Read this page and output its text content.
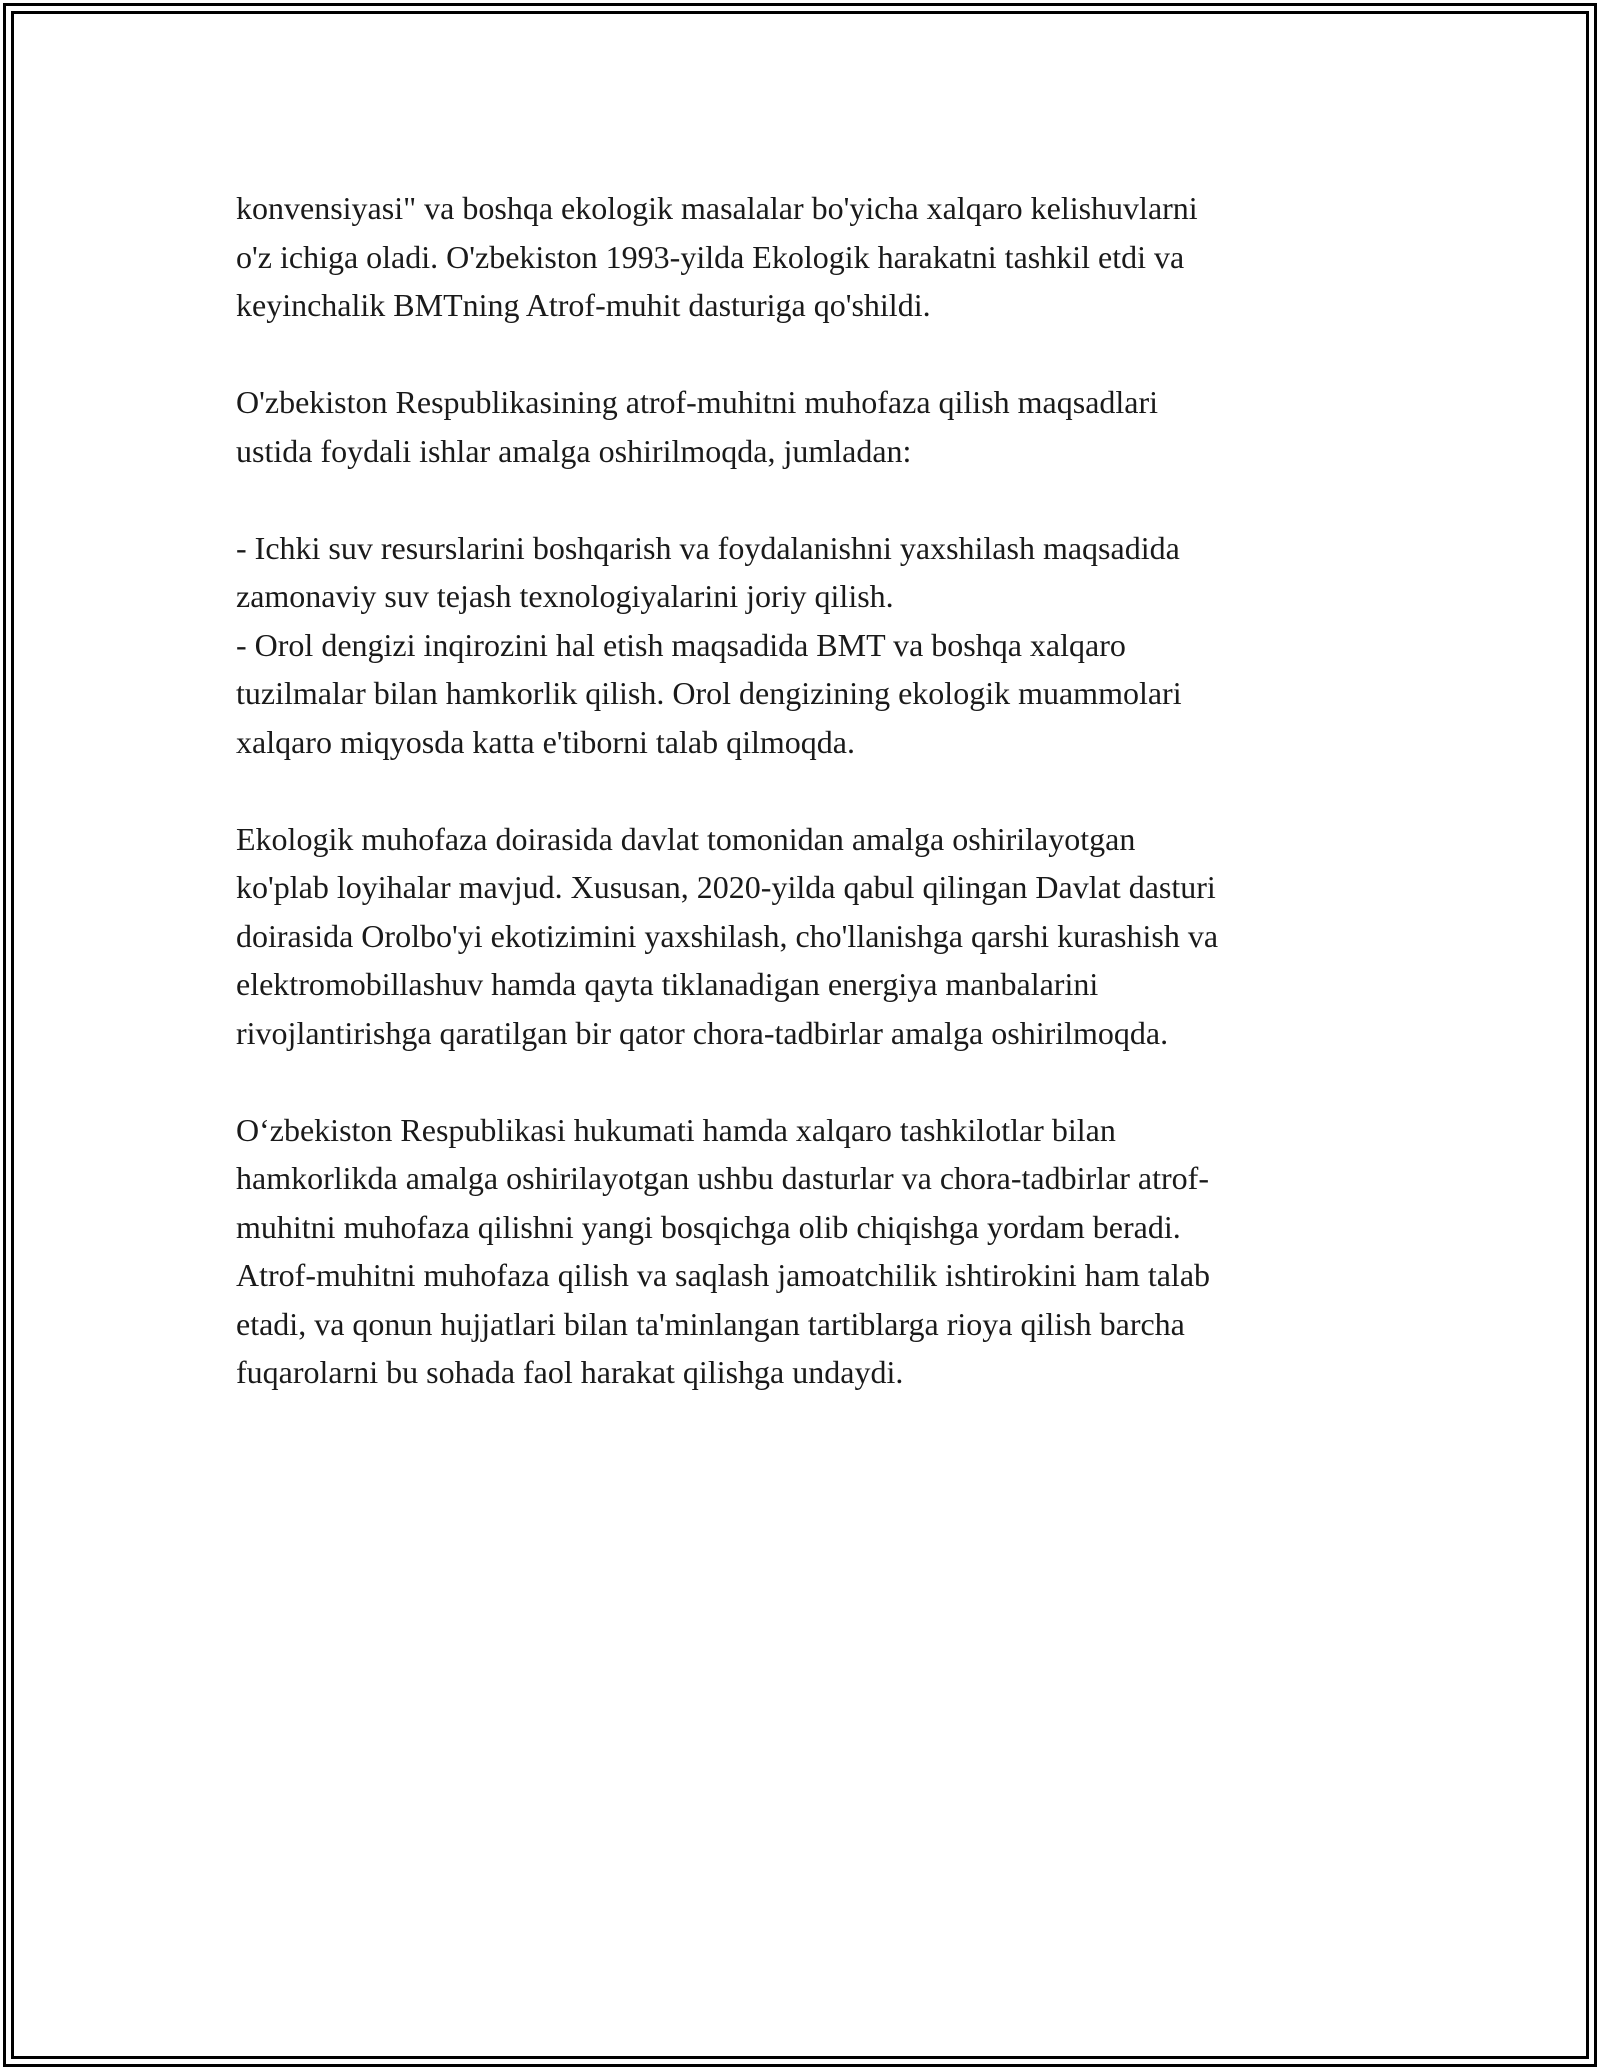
konvensiyasi" va boshqa ekologik masalalar bo'yicha xalqaro kelishuvlarni
o'z ichiga oladi. O'zbekiston 1993-yilda Ekologik harakatni tashkil etdi va
keyinchalik BMTning Atrof-muhit dasturiga qo'shildi.

O'zbekiston Respublikasining atrof-muhitni muhofaza qilish maqsadlari
ustida foydali ishlar amalga oshirilmoqda, jumladan:

- Ichki suv resurslarini boshqarish va foydalanishni yaxshilash maqsadida
zamonaviy suv tejash texnologiyalarini joriy qilish.
- Orol dengizi inqirozini hal etish maqsadida BMT va boshqa xalqaro
tuzilmalar bilan hamkorlik qilish. Orol dengizining ekologik muammolari
xalqaro miqyosda katta e'tiborni talab qilmoqda.

Ekologik muhofaza doirasida davlat tomonidan amalga oshirilayotgan
ko'plab loyihalar mavjud. Xususan, 2020-yilda qabul qilingan Davlat dasturi
doirasida Orolbo'yi ekotizimini yaxshilash, cho'llanishga qarshi kurashish va
elektromobillashuv hamda qayta tiklanadigan energiya manbalarini
rivojlantirishga qaratilgan bir qator chora-tadbirlar amalga oshirilmoqda.

O‘zbekiston Respublikasi hukumati hamda xalqaro tashkilotlar bilan
hamkorlikda amalga oshirilayotgan ushbu dasturlar va chora-tadbirlar atrof-
muhitni muhofaza qilishni yangi bosqichga olib chiqishga yordam beradi.
Atrof-muhitni muhofaza qilish va saqlash jamoatchilik ishtirokini ham talab
etadi, va qonun hujjatlari bilan ta'minlangan tartiblarga rioya qilish barcha
fuqarolarni bu sohada faol harakat qilishga undaydi.
